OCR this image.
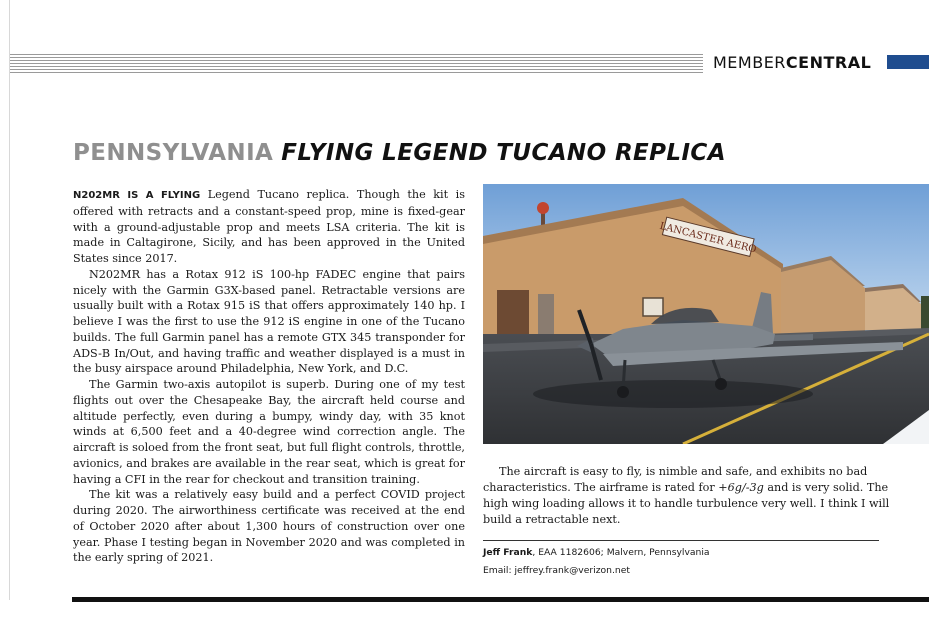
MEMBERCENTRAL
PENNSYLVANIA FLYING LEGEND TUCANO REPLICA

N202MR IS A FLYING Legend Tucano replica. Though the kit is offered with retracts and a constant-speed prop, mine is fixed-gear with a ground-adjustable prop and meets LSA criteria. The kit is made in Caltagirone, Sicily, and has been approved in the United States since 2017.

N202MR has a Rotax 912 iS 100-hp FADEC engine that pairs nicely with the Garmin G3X-based panel. Retractable versions are usually built with a Rotax 915 iS that offers approximately 140 hp. I believe I was the first to use the 912 iS engine in one of the Tucano builds. The full Garmin panel has a remote GTX 345 transponder for ADS-B In/Out, and having traffic and weather displayed is a must in the busy airspace around Philadelphia, New York, and D.C.

The Garmin two-axis autopilot is superb. During one of my test flights out over the Chesapeake Bay, the aircraft held course and altitude perfectly, even during a bumpy, windy day, with 35 knot winds at 6,500 feet and a 40-degree wind correction angle. The aircraft is soloed from the front seat, but full flight controls, throttle, avionics, and brakes are available in the rear seat, which is great for having a CFI in the rear for checkout and transition training.

The kit was a relatively easy build and a perfect COVID project during 2020. The airworthiness certificate was received at the end of October 2020 after about 1,300 hours of construction over one year. Phase I testing began in November 2020 and was completed in the early spring of 2021.

LANCASTER AERO

The aircraft is easy to fly, is nimble and safe, and exhibits no bad characteristics. The airframe is rated for +6g/-3g and is very solid. The high wing loading allows it to handle turbulence very well. I think I will build a retractable next.

Jeff Frank, EAA 1182606; Malvern, Pennsylvania
Email: jeffrey.frank@verizon.net
